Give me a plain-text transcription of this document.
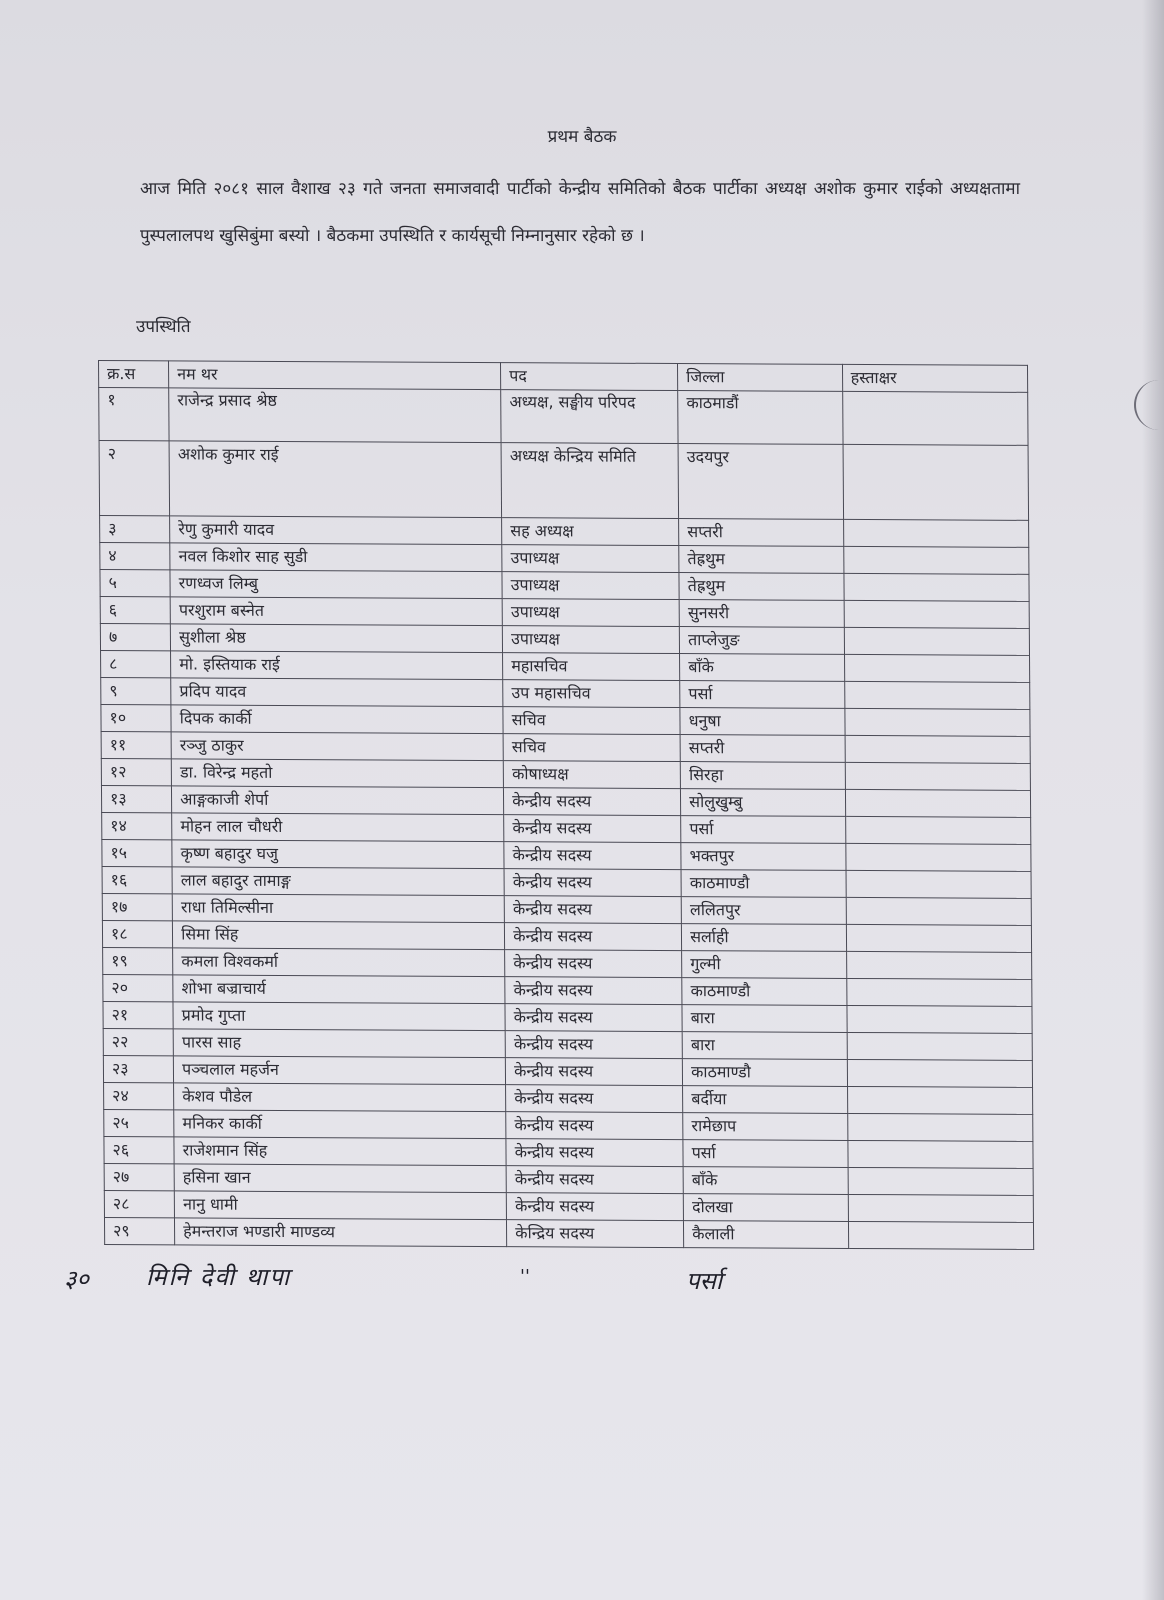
प्रथम बैठक
आज मिति २०८१ साल वैशाख २३ गते जनता समाजवादी पार्टीको केन्द्रीय समितिको बैठक पार्टीका अध्यक्ष अशोक कुमार राईको अध्यक्षतामा पुस्पलालपथ खुसिबुंमा बस्यो । बैठकमा उपस्थिति र कार्यसूची निम्नानुसार रहेको छ ।
उपस्थिति
क्र.स	नम थर	पद	जिल्ला	हस्ताक्षर
१	राजेन्द्र प्रसाद श्रेष्ठ	अध्यक्ष, सङ्घीय परिपद	काठमाडौं	
२	अशोक कुमार राई	अध्यक्ष केन्द्रिय समिति	उदयपुर	
३	रेणु कुमारी यादव	सह अध्यक्ष	सप्तरी	
४	नवल किशोर साह सुडी	उपाध्यक्ष	तेह्रथुम	
५	रणध्वज लिम्बु	उपाध्यक्ष	तेह्रथुम	
६	परशुराम बस्नेत	उपाध्यक्ष	सुनसरी	
७	सुशीला श्रेष्ठ	उपाध्यक्ष	ताप्लेजुङ	
८	मो. इस्तियाक राई	महासचिव	बाँके	
९	प्रदिप यादव	उप महासचिव	पर्सा	
१०	दिपक कार्की	सचिव	धनुषा	
११	रञ्जु ठाकुर	सचिव	सप्तरी	
१२	डा. विरेन्द्र महतो	कोषाध्यक्ष	सिरहा	
१३	आङ्गकाजी शेर्पा	केन्द्रीय सदस्य	सोलुखुम्बु	
१४	मोहन लाल चौधरी	केन्द्रीय सदस्य	पर्सा	
१५	कृष्ण बहादुर घजु	केन्द्रीय सदस्य	भक्तपुर	
१६	लाल बहादुर तामाङ्ग	केन्द्रीय सदस्य	काठमाण्डौ	
१७	राधा तिमिल्सीना	केन्द्रीय सदस्य	ललितपुर	
१८	सिमा सिंह	केन्द्रीय सदस्य	सर्लाही	
१९	कमला विश्वकर्मा	केन्द्रीय सदस्य	गुल्मी	
२०	शोभा बज्राचार्य	केन्द्रीय सदस्य	काठमाण्डौ	
२१	प्रमोद गुप्ता	केन्द्रीय सदस्य	बारा	
२२	पारस साह	केन्द्रीय सदस्य	बारा	
२३	पञ्चलाल महर्जन	केन्द्रीय सदस्य	काठमाण्डौ	
२४	केशव पौडेल	केन्द्रीय सदस्य	बर्दीया	
२५	मनिकर कार्की	केन्द्रीय सदस्य	रामेछाप	
२६	राजेशमान सिंह	केन्द्रीय सदस्य	पर्सा	
२७	हसिना खान	केन्द्रीय सदस्य	बाँके	
२८	नानु धामी	केन्द्रीय सदस्य	दोलखा	
२९	हेमन्तराज भण्डारी माण्डव्य	केन्द्रिय सदस्य	कैलाली	
३० मिनि देवी थापा	''	पर्सा
